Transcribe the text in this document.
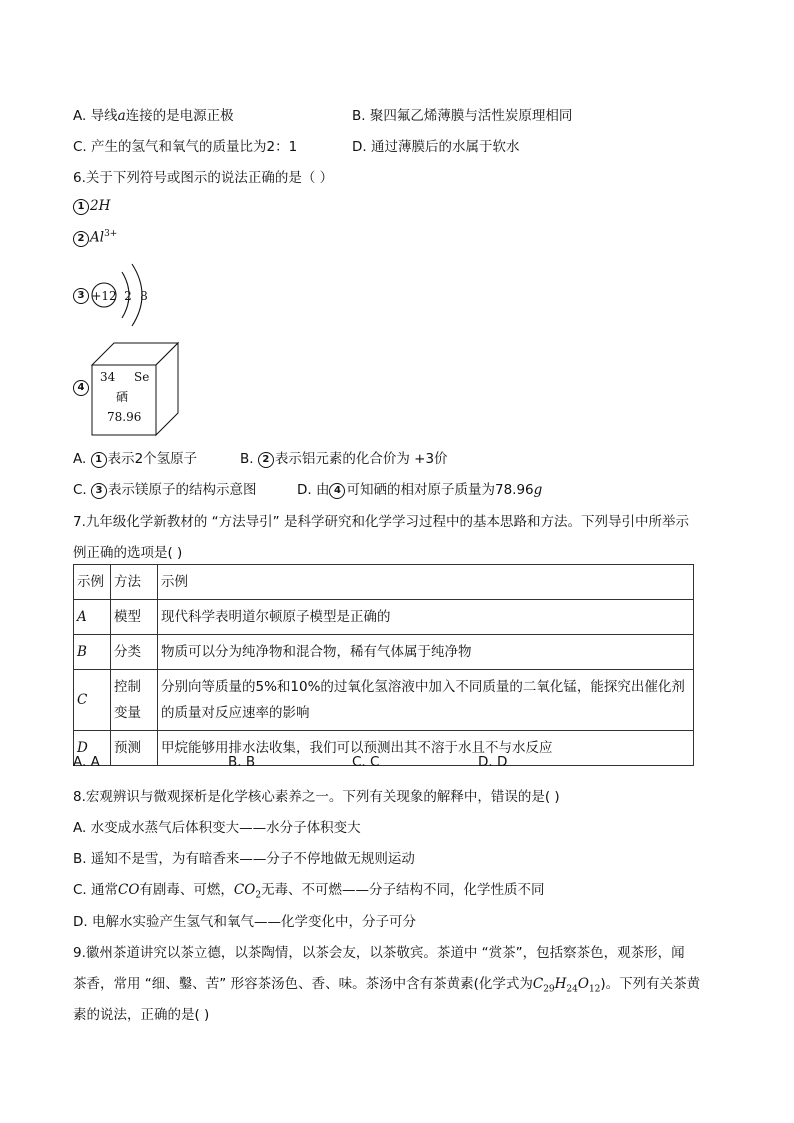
A. 导线a连接的是电源正极	B. 聚四氟乙烯薄膜与活性炭原理相同
C. 产生的氢气和氧气的质量比为2：1	D. 通过薄膜后的水属于软水
6.关于下列符号或图示的说法正确的是（ ）
1 2H
2 $Al^{3+}$
3 +12 2 8
4
34 Se
硒
78.96
A. 1 表示2个氢原子	B. 2 表示铝元素的化合价为 +3价
C. 3 表示镁原子的结构示意图	D. 由 4 可知硒的相对原子质量为78.96g
7.九年级化学新教材的 “方法导引” 是科学研究和化学学习过程中的基本思路和方法。下列导引中所举示
例正确的选项是( )
示例	方法	示例
A	模型	现代科学表明道尔顿原子模型是正确的
B	分类	物质可以分为纯净物和混合物，稀有气体属于纯净物
C	控制变量	分别向等质量的5%和10%的过氧化氢溶液中加入不同质量的二氧化锰，能探究出催化剂的质量对反应速率的影响
D	预测	甲烷能够用排水法收集，我们可以预测出其不溶于水且不与水反应
A. A	B. B	C. C	D. D
8.宏观辨识与微观探析是化学核心素养之一。下列有关现象的解释中，错误的是( )
A. 水变成水蒸气后体积变大——水分子体积变大
B. 遥知不是雪，为有暗香来——分子不停地做无规则运动
C. 通常CO有剧毒、可燃，$CO_2$无毒、不可燃——分子结构不同，化学性质不同
D. 电解水实验产生氢气和氧气——化学变化中，分子可分
9.徽州茶道讲究以茶立德，以茶陶情，以茶会友，以茶敬宾。茶道中 “赏茶”，包括察茶色，观茶形，闻
茶香，常用 “细、鑿、苦” 形容茶汤色、香、味。茶汤中含有茶黄素(化学式为$C_{29}H_{24}O_{12}$)。下列有关茶黄
素的说法，正确的是( )
